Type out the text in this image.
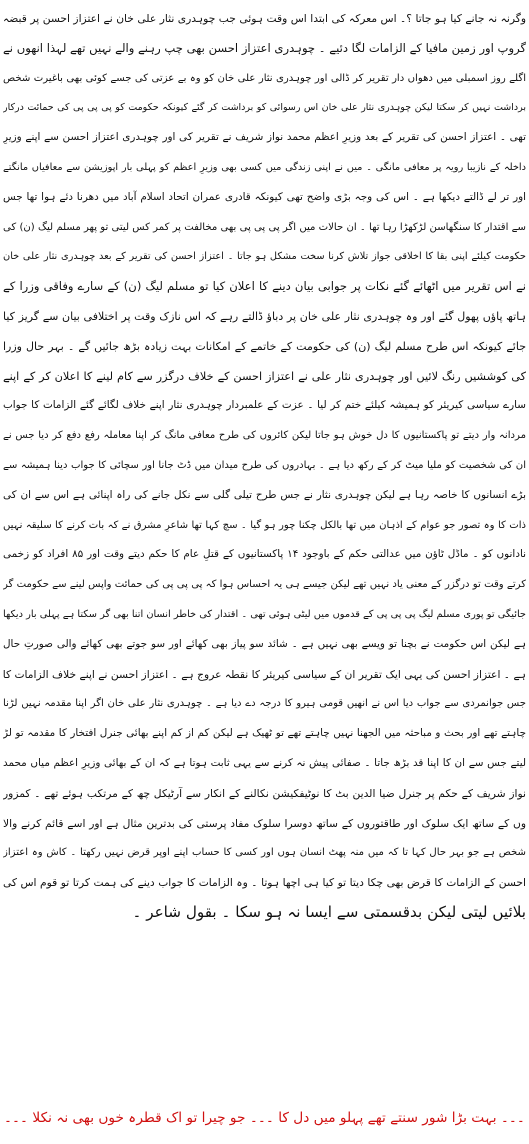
وگرنہ نہ جانے کیا ہو جاتا ؟۔ اس معرکہ کی ابتدا اس وقت ہوئی جب چوہدری نثار علی خان نے اعتزاز احسن پر قبضہ
گروپ اور زمین مافیا کے الزامات لگا دئیے ۔ چوہدری اعتزاز احسن بھی چپ رہنے والے نہیں تھے لہذا انھوں نے
اگلے روز اسمبلی میں دھواں دار تقریر کر ڈالی اور چوہدری نثار علی خان کو وہ بے عزتی کی جسے کوئی بھی باغیرت شخص
برداشت نہیں کر سکتا لیکن چوہدری نثار علی خان اس رسوائی کو برداشت کر گئے کیونکہ حکومت کو پی پی پی کی حمائت درکار
تھی ۔ اعتزاز احسن کی تقریر کے بعد وزیرِ اعظم محمد نواز شریف نے تقریر کی اور چوہدری اعتزاز احسن سے اپنے وزیرِ
داخلہ کے نازیبا رویہ پر معافی مانگی ۔ میں نے اپنی زندگی میں کسی بھی وزیرِ اعظم کو پہلی بار اپوزیشن سے معافیاں مانگتے
اور تر لے ڈالتے دیکھا ہے ۔ اس کی وجہ بڑی واضح تھی کیونکہ قادری عمران اتحاد اسلام آباد میں دھرنا دئے ہوا تھا جس
سے اقتدار کا سنگھاسن لڑکھڑا رہا تھا ۔ ان حالات میں اگر پی پی پی بھی مخالفت پر کمر کس لیتی تو پھر مسلم لیگ (ن) کی
حکومت کیلئے اپنی بقا کا اخلاقی جواز تلاش کرنا سخت مشکل ہو جاتا ۔ اعتزاز احسن کی تقریر کے بعد چوہدری نثار علی خان
نے اس تقریر میں اٹھائے گئے نکات پر جوابی بیان دینے کا اعلان کیا تو مسلم لیگ (ن) کے سارے وفاقی وزرا کے
ہاتھ پاؤں پھول گئے اور وہ چوہدری نثار علی خان پر دباؤ ڈالتے رہے کہ اس نازک وقت پر اختلافی بیان سے گریز کیا
جائے کیونکہ اس طرح مسلم لیگ (ن) کی حکومت کے خاتمے کے امکانات بہت زیادہ بڑھ جائیں گے ۔ بہر حال وزرا
کی کوششیں رنگ لائیں اور چوہدری نثار علی نے اعتزاز احسن کے خلاف درگزر سے کام لینے کا اعلان کر کے اپنے
سارے سیاسی کیریئر کو ہمیشہ کیلئے ختم کر لیا ۔ عزت کے علمبردار چوہدری نثار اپنے خلاف لگائے گئے الزامات کا جواب
مردانہ وار دیتے تو پاکستانیوں کا دل خوش ہو جاتا لیکن کائروں کی طرح معافی مانگ کر اپنا معاملہ رفع دفع کر دیا جس نے
ان کی شخصیت کو ملیا میٹ کر کے رکھ دیا ہے ۔ بہادروں کی طرح میدان میں ڈٹ جانا اور سچائی کا جواب دینا ہمیشہ سے
بڑے انسانوں کا خاصہ رہا ہے لیکن چوہدری نثار نے جس طرح تیلی گلی سے نکل جانے کی راہ اپنائی ہے اس سے ان کی
ذات کا وہ تصور جو عوام کے اذہان میں تھا بالکل چکنا چور ہو گیا ۔ سچ کہا تھا شاعرِ مشرق نے کہ بات کرنے کا سلیقہ نہیں
نادانوں کو ۔ ماڈل ٹاؤن میں عدالتی حکم کے باوجود ۱۴ پاکستانیوں کے قتلِ عام کا حکم دیتے وقت اور ۸۵ افراد کو زخمی
کرتے وقت تو درگزر کے معنی یاد نہیں تھے لیکن جیسے ہی یہ احساس ہوا کہ پی پی پی کی حمائت واپس لینے سے حکومت گر
جائیگی تو پوری مسلم لیگ پی پی پی کے قدموں میں لیٹی ہوئی تھی ۔ اقتدار کی خاطر انسان اتنا بھی گر سکتا ہے پہلی بار دیکھا
ہے لیکن اس حکومت نے بچنا تو ویسے بھی نہیں ہے ۔ شائد سو پیاز بھی کھائے اور سو جوتے بھی کھائے والی صورتِ حال
ہے ۔ اعتزاز احسن کی یہی ایک تقریر ان کے سیاسی کیریئر کا نقطہ عروج ہے ۔ اعتزاز احسن نے اپنے خلاف الزامات کا
جس جوانمردی سے جواب دیا اس نے انھیں قومی ہیرو کا درجہ دے دیا ہے ۔ چوہدری نثار علی خان اگر اپنا مقدمہ نہیں لڑنا
چاہتے تھے اور بحث و مباحثہ میں الجھنا نہیں چاہتے تھے تو ٹھیک ہے لیکن کم از کم اپنے بھائی جنرل افتخار کا مقدمہ تو لڑ
لیتے جس سے ان کا اپنا قد بڑھ جاتا ۔ صفائی پیش نہ کرنے سے یہی ثابت ہوتا ہے کہ ان کے بھائی وزیرِ اعظم میاں محمد
نواز شریف کے حکم پر جنرل ضیا الدین بٹ کا نوٹیفکیشن نکالنے کے انکار سے آرٹیکل چھ کے مرتکب ہوئے تھے ۔ کمزور
وں کے ساتھ ایک سلوک اور طاقتوروں کے ساتھ دوسرا سلوک مفاد پرستی کی بدترین مثال ہے اور اسے قائم کرنے والا
شخص ہے جو بہر حال کہا تا کہ میں منہ پھٹ انسان ہوں اور کسی کا حساب اپنے اوپر قرض نہیں رکھتا ۔ کاش وہ اعتزاز
احسن کے الزامات کا قرض بھی چکا دیتا تو کیا ہی اچھا ہوتا ۔ وہ الزامات کا جواب دینے کی ہمت کرتا تو قوم اس کی
بلائیں لیتی لیکن بدقسمتی سے ایسا نہ ہو سکا ۔ بقول شاعر ۔
۔۔۔ بہت بڑا شور سنتے تھے پہلو میں دل کا ۔۔۔ جو چیرا تو اک قطرہ خوں بھی نہ نکلا ۔۔۔
